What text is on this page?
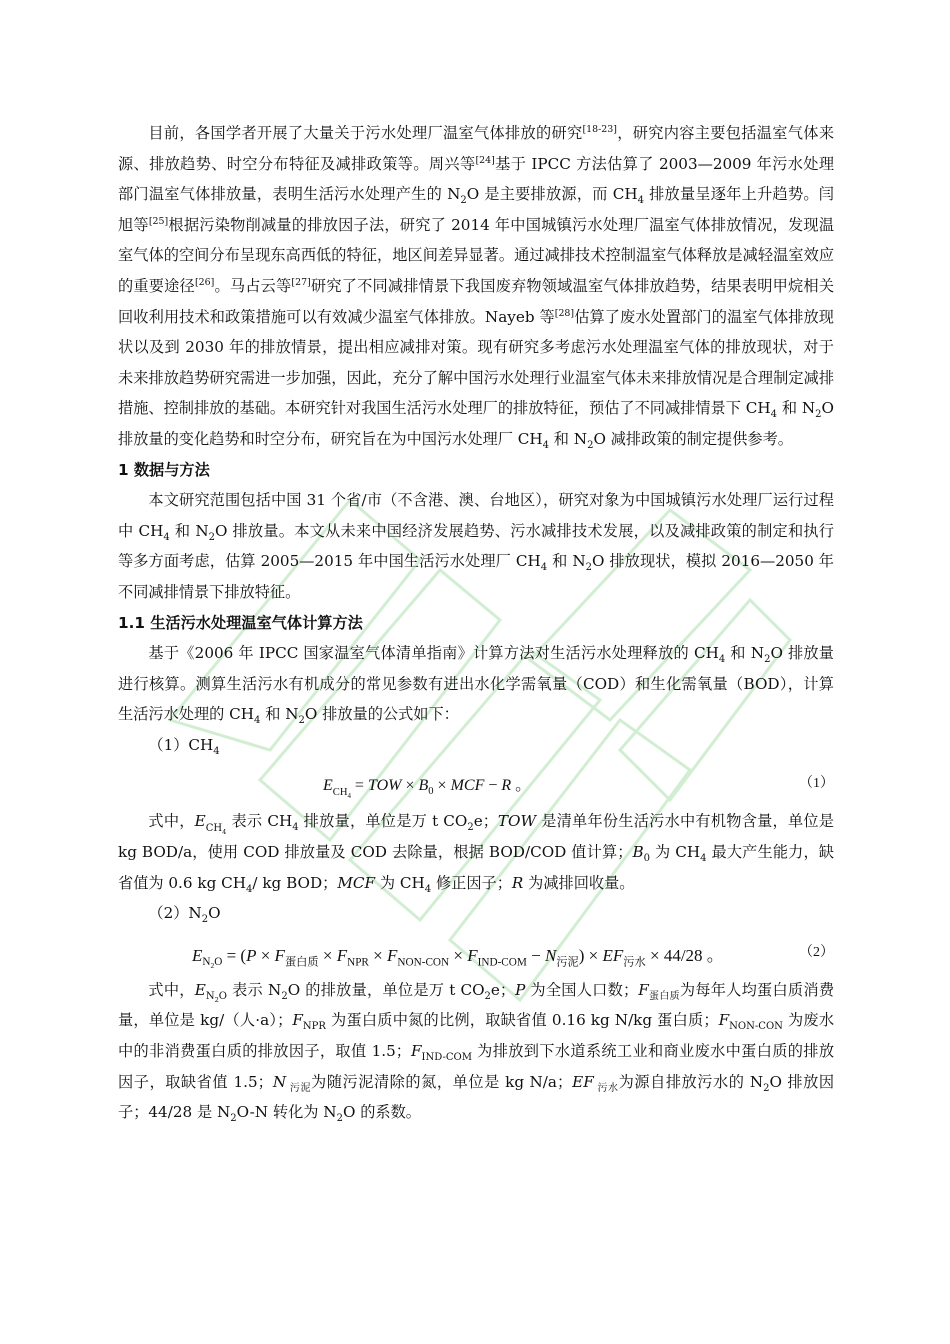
目前，各国学者开展了大量关于污水处理厂温室气体排放的研究[18-23]，研究内容主要包括温室气体来源、排放趋势、时空分布特征及减排政策等。周兴等[24]基于 IPCC 方法估算了 2003—2009 年污水处理部门温室气体排放量，表明生活污水处理产生的 $N_2O$ 是主要排放源，而 $CH_4$ 排放量呈逐年上升趋势。闫旭等[25]根据污染物削减量的排放因子法，研究了 2014 年中国城镇污水处理厂温室气体排放情况，发现温室气体的空间分布呈现东高西低的特征，地区间差异显著。通过减排技术控制温室气体释放是减轻温室效应的重要途径[26]。马占云等[27]研究了不同减排情景下我国废弃物领域温室气体排放趋势，结果表明甲烷相关回收利用技术和政策措施可以有效减少温室气体排放。Nayeb 等[28]估算了废水处置部门的温室气体排放现状以及到 2030 年的排放情景，提出相应减排对策。现有研究多考虑污水处理温室气体的排放现状，对于未来排放趋势研究需进一步加强，因此，充分了解中国污水处理行业温室气体未来排放情况是合理制定减排措施、控制排放的基础。本研究针对我国生活污水处理厂的排放特征，预估了不同减排情景下 $CH_4$ 和 $N_2O$ 排放量的变化趋势和时空分布，研究旨在为中国污水处理厂 $CH_4$ 和 $N_2O$ 减排政策的制定提供参考。

1 数据与方法

本文研究范围包括中国 31 个省/市（不含港、澳、台地区），研究对象为中国城镇污水处理厂运行过程中 $CH_4$ 和 $N_2O$ 排放量。本文从未来中国经济发展趋势、污水减排技术发展，以及减排政策的制定和执行等多方面考虑，估算 2005—2015 年中国生活污水处理厂 $CH_4$ 和 $N_2O$ 排放现状，模拟 2016—2050 年不同减排情景下排放特征。

1.1 生活污水处理温室气体计算方法

基于《2006 年 IPCC 国家温室气体清单指南》计算方法对生活污水处理释放的 $CH_4$ 和 $N_2O$ 排放量进行核算。测算生活污水有机成分的常见参数有进出水化学需氧量（COD）和生化需氧量（BOD），计算生活污水处理的 $CH_4$ 和 $N_2O$ 排放量的公式如下：

$(1)CH_4$
$E_{CH_4}$ = TOW × $B_0$ × MCF − R 。	（1）

式中，$E_{CH_4}$ 表示 $CH_4$ 排放量，单位是万 t $CO_2e$；TOW 是清单年份生活污水中有机物含量，单位是 kg BOD/a，使用 COD 排放量及 COD 去除量，根据 BOD/COD 值计算；$B_0$ 为 $CH_4$ 最大产生能力，缺省值为 0.6 kg $CH_4/$ kg BOD；MCF 为 $CH_4$ 修正因子；R 为减排回收量。

$(2)N_2O$
$E_{N_2O} = (P \times F_{蛋白质} \times F_{NPR} \times F_{NON-CON} \times F_{IND-COM} - N_{污泥}) \times EF_{污水} \times 44/28$ 。	（2）

式中，$E_{N_2O}$ 表示 $N_2O$ 的排放量，单位是万 t $CO_2e$；P 为全国人口数；$F_{蛋白质}$为每年人均蛋白质消费量，单位是 kg/（人·a）；$F_{NPR}$ 为蛋白质中氮的比例，取缺省值 0.16 kg N/kg 蛋白质；$F_{NON-CON}$ 为废水中的非消费蛋白质的排放因子，取值 1.5；$F_{IND-COM}$ 为排放到下水道系统工业和商业废水中蛋白质的排放因子，取缺省值 1.5；N $_{污泥}$为随污泥清除的氮，单位是 kg N/a；EF $_{污水}$为源自排放污水的 $N_2O$ 排放因子；44/28 是 $N_2O-N$ 转化为 $N_2O$ 的系数。
